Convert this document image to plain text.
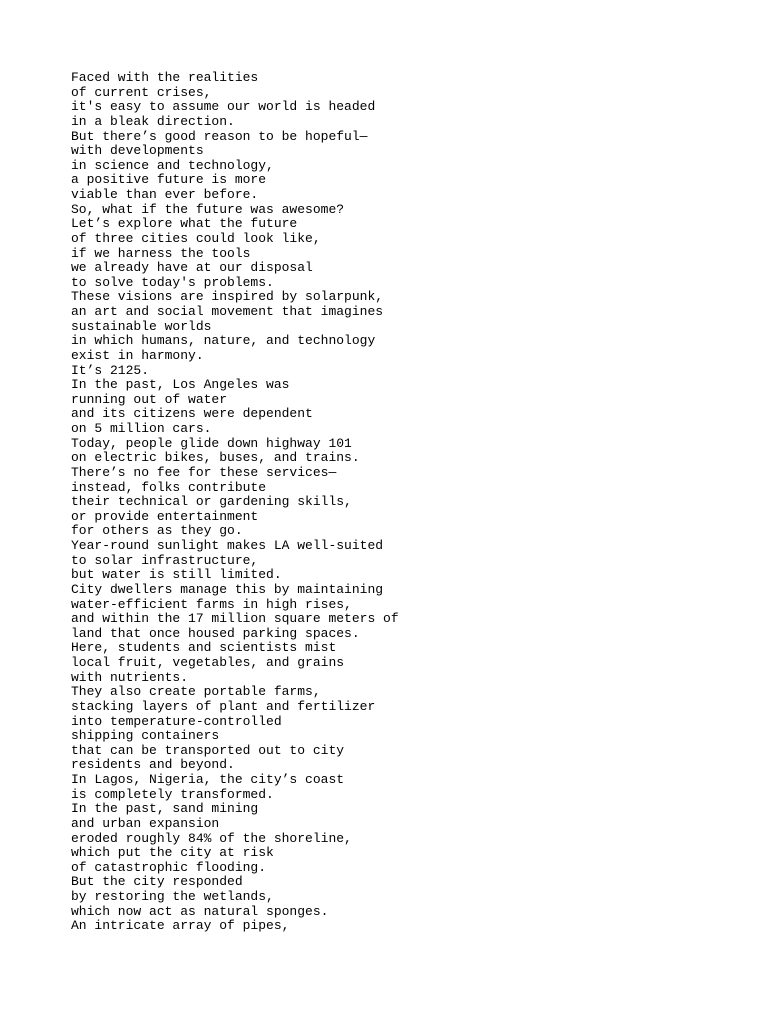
Faced with the realities
of current crises,
it's easy to assume our world is headed
in a bleak direction.
But there’s good reason to be hopeful—
with developments
in science and technology,
a positive future is more
viable than ever before.
So, what if the future was awesome?
Let’s explore what the future
of three cities could look like,
if we harness the tools
we already have at our disposal
to solve today's problems.
These visions are inspired by solarpunk,
an art and social movement that imagines
sustainable worlds
in which humans, nature, and technology
exist in harmony.
It’s 2125.
In the past, Los Angeles was
running out of water
and its citizens were dependent
on 5 million cars.
Today, people glide down highway 101
on electric bikes, buses, and trains.
There’s no fee for these services—
instead, folks contribute
their technical or gardening skills,
or provide entertainment
for others as they go.
Year-round sunlight makes LA well-suited
to solar infrastructure,
but water is still limited.
City dwellers manage this by maintaining
water-efficient farms in high rises,
and within the 17 million square meters of
land that once housed parking spaces.
Here, students and scientists mist
local fruit, vegetables, and grains
with nutrients.
They also create portable farms,
stacking layers of plant and fertilizer
into temperature-controlled
shipping containers
that can be transported out to city
residents and beyond.
In Lagos, Nigeria, the city’s coast
is completely transformed.
In the past, sand mining
and urban expansion
eroded roughly 84% of the shoreline,
which put the city at risk
of catastrophic flooding.
But the city responded
by restoring the wetlands,
which now act as natural sponges.
An intricate array of pipes,
